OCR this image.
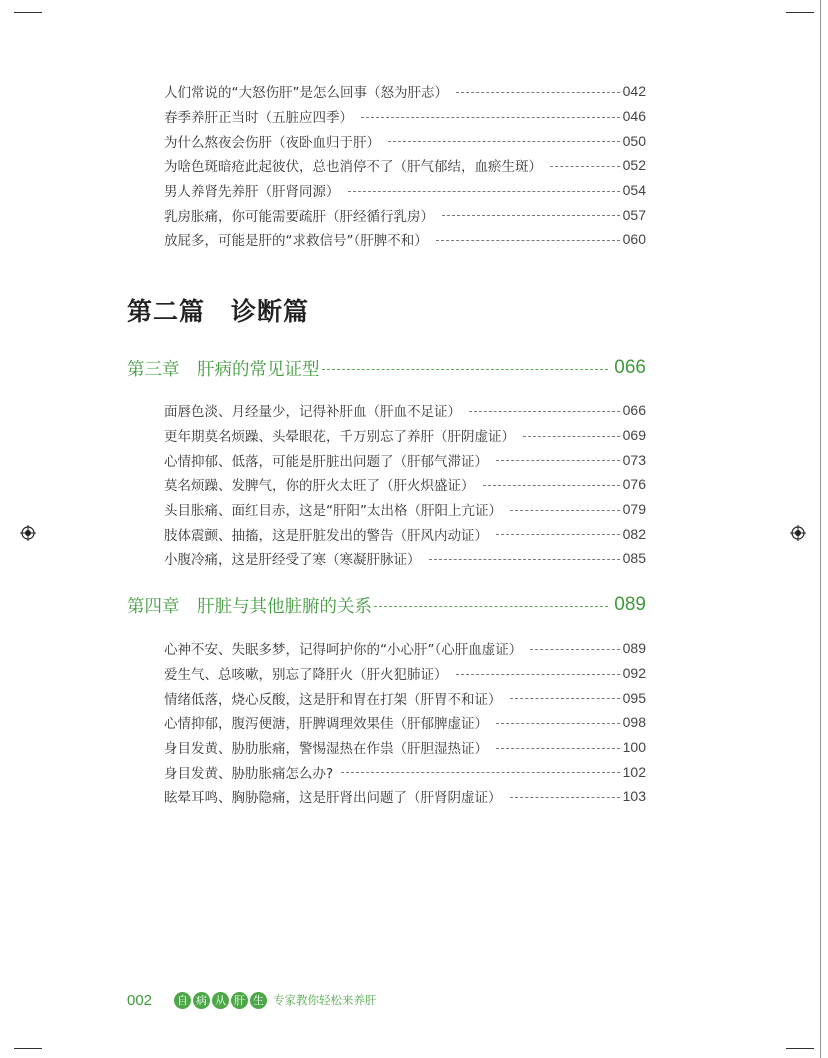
人们常说的“大怒伤肝”是怎么回事（怒为肝志）	042
春季养肝正当时（五脏应四季）	046
为什么熬夜会伤肝（夜卧血归于肝）	050
为啥色斑暗疮此起彼伏，总也消停不了（肝气郁结，血瘀生斑）	052
男人养肾先养肝（肝肾同源）	054
乳房胀痛，你可能需要疏肝（肝经循行乳房）	057
放屁多，可能是肝的“求救信号”（肝脾不和）	060
第二篇　诊断篇
第三章　肝病的常见证型	066
面唇色淡、月经量少，记得补肝血（肝血不足证）	066
更年期莫名烦躁、头晕眼花，千万别忘了养肝（肝阴虚证）	069
心情抑郁、低落，可能是肝脏出问题了（肝郁气滞证）	073
莫名烦躁、发脾气，你的肝火太旺了（肝火炽盛证）	076
头目胀痛、面红目赤，这是“肝阳”太出格（肝阳上亢证）	079
肢体震颤、抽搐，这是肝脏发出的警告（肝风内动证）	082
小腹冷痛，这是肝经受了寒（寒凝肝脉证）	085
第四章　肝脏与其他脏腑的关系	089
心神不安、失眠多梦，记得呵护你的“小心肝”（心肝血虚证）	089
爱生气、总咳嗽，别忘了降肝火（肝火犯肺证）	092
情绪低落，烧心反酸，这是肝和胃在打架（肝胃不和证）	095
心情抑郁，腹泻便溏，肝脾调理效果佳（肝郁脾虚证）	098
身目发黄、胁肋胀痛，警惕湿热在作祟（肝胆湿热证）	100
身目发黄、胁肋胀痛怎么办?	102
眩晕耳鸣、胸胁隐痛，这是肝肾出问题了（肝肾阴虚证）	103
002 自 病 从 肝 生 专家教你轻松来养肝
